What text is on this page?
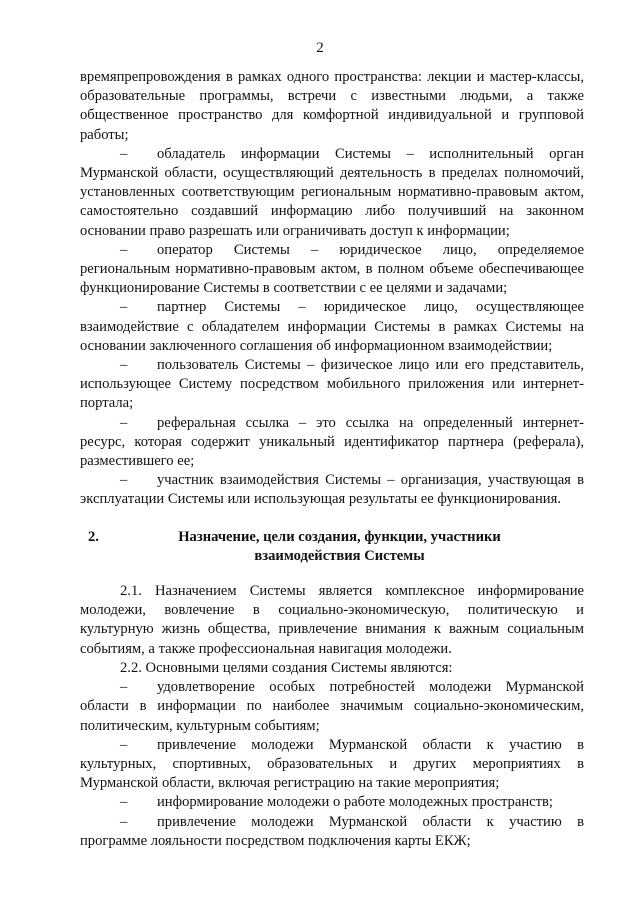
2

времяпрепровождения в рамках одного пространства: лекции и мастер-классы, образовательные программы, встречи с известными людьми, а также общественное пространство для комфортной индивидуальной и групповой работы;

– обладатель информации Системы – исполнительный орган Мурманской области, осуществляющий деятельность в пределах полномочий, установленных соответствующим региональным нормативно-правовым актом, самостоятельно создавший информацию либо получивший на законном основании право разрешать или ограничивать доступ к информации;

– оператор Системы – юридическое лицо, определяемое региональным нормативно-правовым актом, в полном объеме обеспечивающее функционирование Системы в соответствии с ее целями и задачами;

– партнер Системы – юридическое лицо, осуществляющее взаимодействие с обладателем информации Системы в рамках Системы на основании заключенного соглашения об информационном взаимодействии;

– пользователь Системы – физическое лицо или его представитель, использующее Систему посредством мобильного приложения или интернет-портала;

– реферальная ссылка – это ссылка на определенный интернет-ресурс, которая содержит уникальный идентификатор партнера (реферала), разместившего ее;

– участник взаимодействия Системы – организация, участвующая в эксплуатации Системы или использующая результаты ее функционирования.

2.	Назначение, цели создания, функции, участники взаимодействия Системы

2.1. Назначением Системы является комплексное информирование молодежи, вовлечение в социально-экономическую, политическую и культурную жизнь общества, привлечение внимания к важным социальным событиям, а также профессиональная навигация молодежи.

2.2. Основными целями создания Системы являются:

– удовлетворение особых потребностей молодежи Мурманской области в информации по наиболее значимым социально-экономическим, политическим, культурным событиям;

– привлечение молодежи Мурманской области к участию в культурных, спортивных, образовательных и других мероприятиях в Мурманской области, включая регистрацию на такие мероприятия;

– информирование молодежи о работе молодежных пространств;

– привлечение молодежи Мурманской области к участию в программе лояльности посредством подключения карты ЕКЖ;
